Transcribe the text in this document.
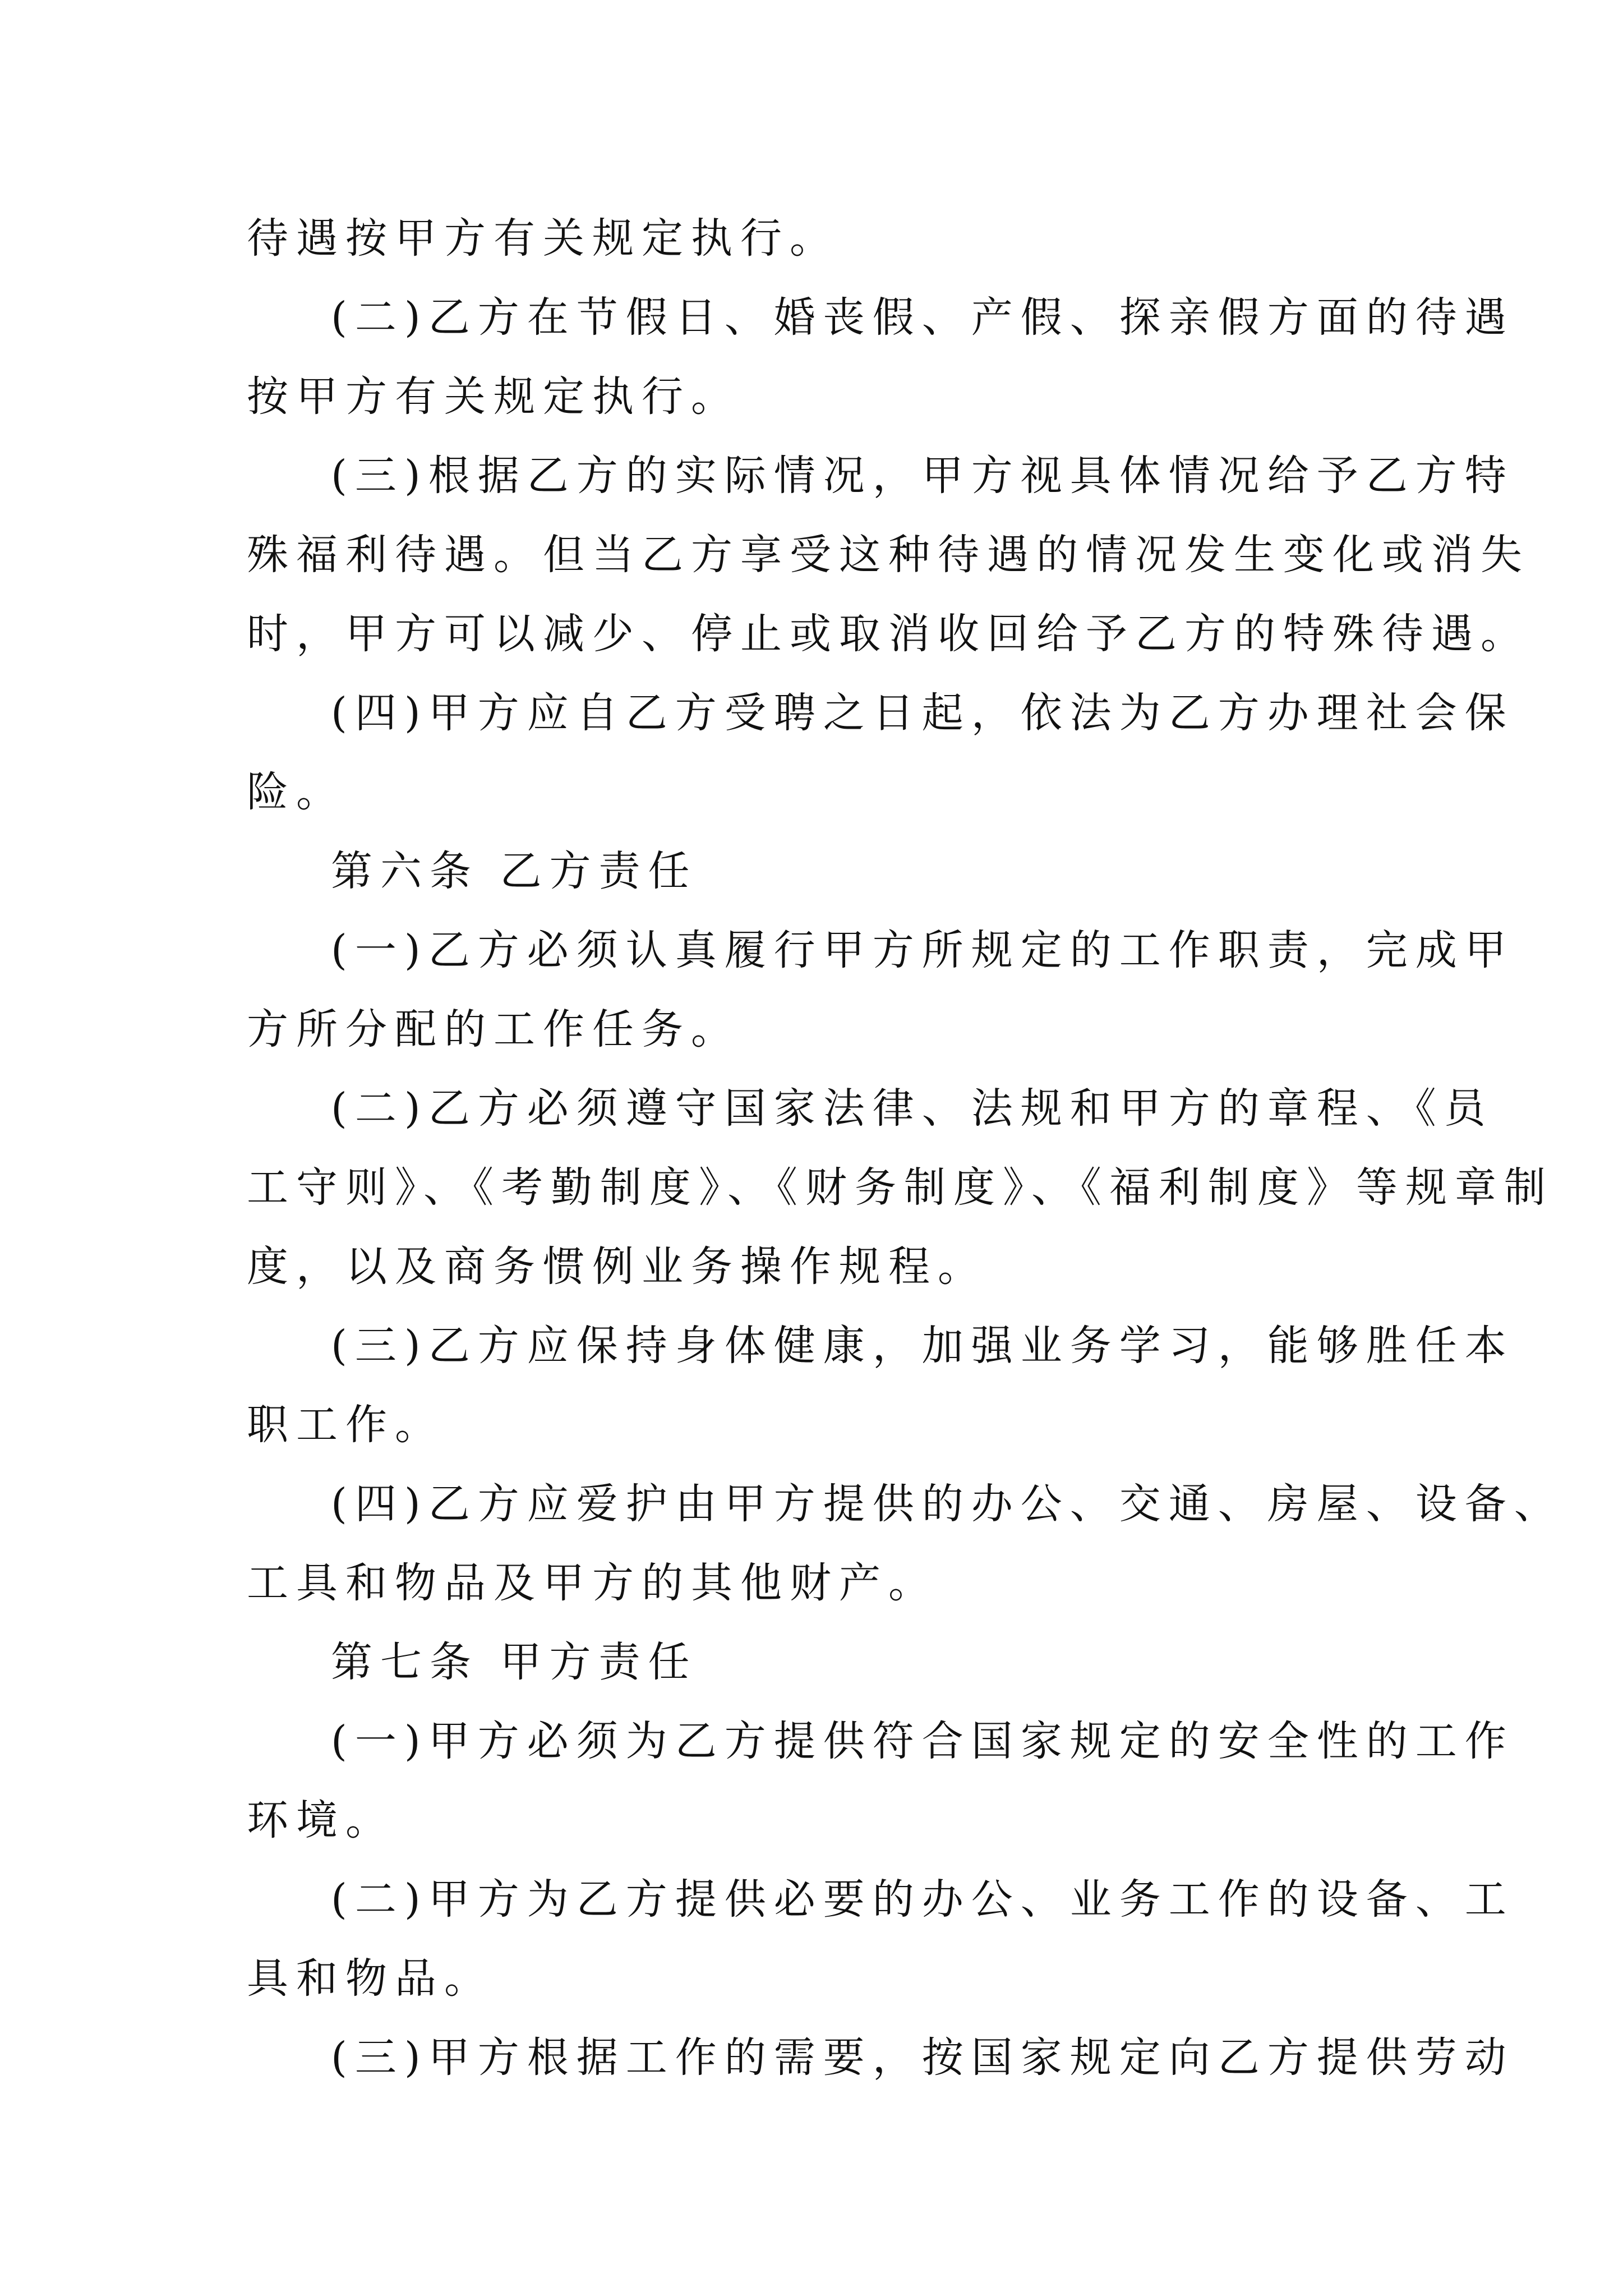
待遇按甲方有关规定执行。
(二)乙方在节假日、婚丧假、产假、探亲假方面的待遇
按甲方有关规定执行。
(三)根据乙方的实际情况，甲方视具体情况给予乙方特
殊福利待遇。但当乙方享受这种待遇的情况发生变化或消失
时，甲方可以减少、停止或取消收回给予乙方的特殊待遇。
(四)甲方应自乙方受聘之日起，依法为乙方办理社会保
险。
第六条 乙方责任
(一)乙方必须认真履行甲方所规定的工作职责，完成甲
方所分配的工作任务。
(二)乙方必须遵守国家法律、法规和甲方的章程、《员
工守则》、《考勤制度》、《财务制度》、《福利制度》等规章制
度，以及商务惯例业务操作规程。
(三)乙方应保持身体健康，加强业务学习，能够胜任本
职工作。
(四)乙方应爱护由甲方提供的办公、交通、房屋、设备、
工具和物品及甲方的其他财产。
第七条 甲方责任
(一)甲方必须为乙方提供符合国家规定的安全性的工作
环境。
(二)甲方为乙方提供必要的办公、业务工作的设备、工
具和物品。
(三)甲方根据工作的需要，按国家规定向乙方提供劳动
